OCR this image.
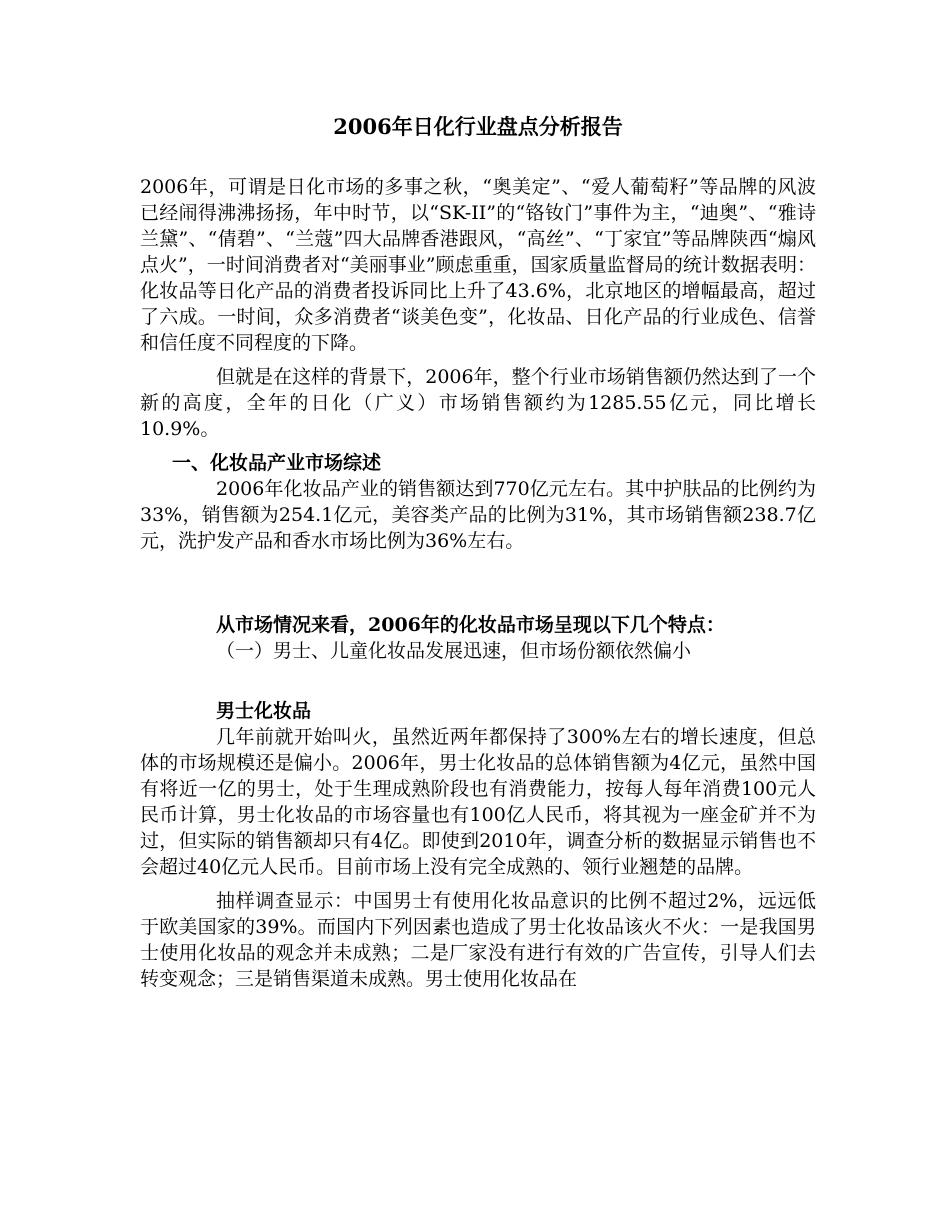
2006年日化行业盘点分析报告

2006年，可谓是日化市场的多事之秋，“奥美定”、“爱人葡萄籽”等品牌的风波已经闹得沸沸扬扬，年中时节，以“SK-II”的“铬钕门”事件为主，“迪奥”、“雅诗兰黛”、“倩碧”、“兰蔻”四大品牌香港跟风，“高丝”、“丁家宜”等品牌陕西“煽风点火”，一时间消费者对“美丽事业”顾虑重重，国家质量监督局的统计数据表明：化妆品等日化产品的消费者投诉同比上升了43.6%，北京地区的增幅最高，超过了六成。一时间，众多消费者“谈美色变”，化妆品、日化产品的行业成色、信誉和信任度不同程度的下降。

但就是在这样的背景下，2006年，整个行业市场销售额仍然达到了一个新的高度，全年的日化（广义）市场销售额约为1285.55亿元，同比增长10.9%。

一、化妆品产业市场综述

2006年化妆品产业的销售额达到770亿元左右。其中护肤品的比例约为33%，销售额为254.1亿元，美容类产品的比例为31%，其市场销售额238.7亿元，洗护发产品和香水市场比例为36%左右。

从市场情况来看，2006年的化妆品市场呈现以下几个特点：
（一）男士、儿童化妆品发展迅速，但市场份额依然偏小
男士化妆品

几年前就开始叫火，虽然近两年都保持了300%左右的增长速度，但总体的市场规模还是偏小。2006年，男士化妆品的总体销售额为4亿元，虽然中国有将近一亿的男士，处于生理成熟阶段也有消费能力，按每人每年消费100元人民币计算，男士化妆品的市场容量也有100亿人民币，将其视为一座金矿并不为过，但实际的销售额却只有4亿。即使到2010年，调查分析的数据显示销售也不会超过40亿元人民币。目前市场上没有完全成熟的、领行业翘楚的品牌。

抽样调查显示：中国男士有使用化妆品意识的比例不超过2%，远远低于欧美国家的39%。而国内下列因素也造成了男士化妆品该火不火：一是我国男士使用化妆品的观念并未成熟；二是厂家没有进行有效的广告宣传，引导人们去转变观念；三是销售渠道未成熟。男士使用化妆品在
